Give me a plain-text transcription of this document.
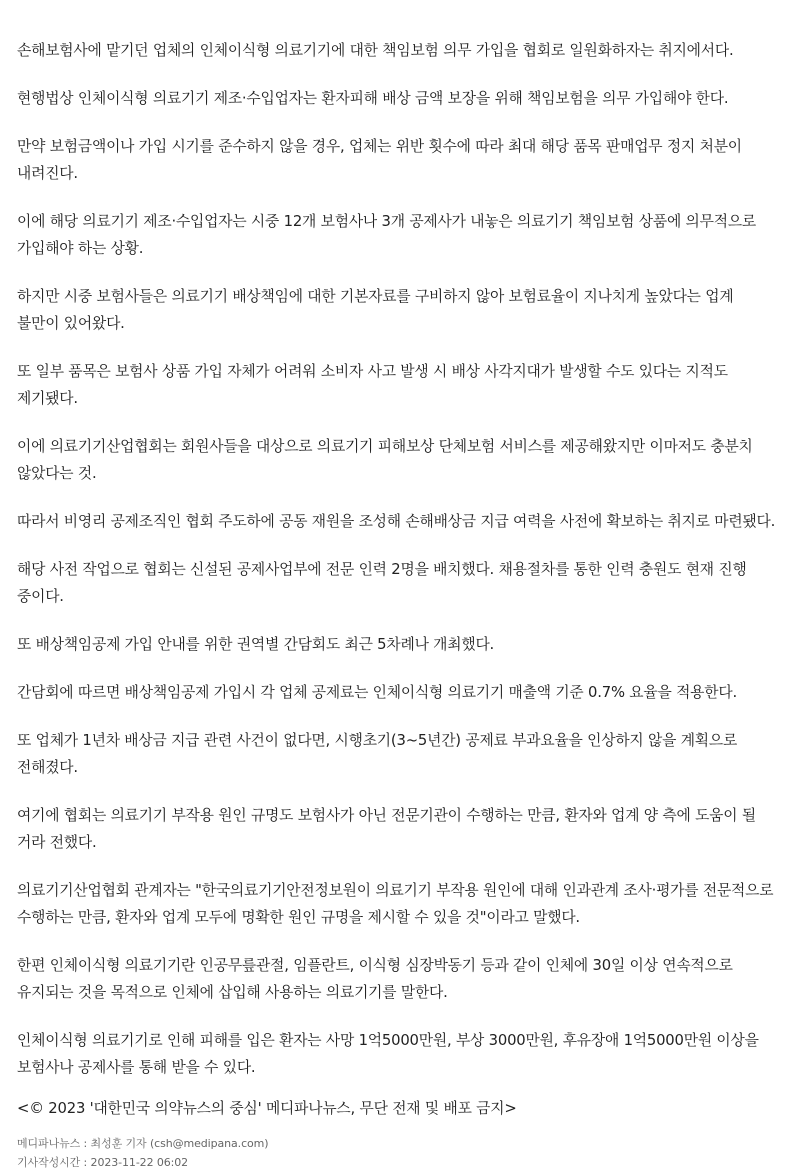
손해보험사에 맡기던 업체의 인체이식형 의료기기에 대한 책임보험 의무 가입을 협회로 일원화하자는 취지에서다.

현행법상 인체이식형 의료기기 제조·수입업자는 환자피해 배상 금액 보장을 위해 책임보험을 의무 가입해야 한다.

만약 보험금액이나 가입 시기를 준수하지 않을 경우, 업체는 위반 횟수에 따라 최대 해당 품목 판매업무 정지 처분이 내려진다.

이에 해당 의료기기 제조·수입업자는 시중 12개 보험사나 3개 공제사가 내놓은 의료기기 책임보험 상품에 의무적으로 가입해야 하는 상황.

하지만 시중 보험사들은 의료기기 배상책임에 대한 기본자료를 구비하지 않아 보험료율이 지나치게 높았다는 업계 불만이 있어왔다.

또 일부 품목은 보험사 상품 가입 자체가 어려워 소비자 사고 발생 시 배상 사각지대가 발생할 수도 있다는 지적도 제기됐다.

이에 의료기기산업협회는 회원사들을 대상으로 의료기기 피해보상 단체보험 서비스를 제공해왔지만 이마저도 충분치 않았다는 것.

따라서 비영리 공제조직인 협회 주도하에 공동 재원을 조성해 손해배상금 지급 여력을 사전에 확보하는 취지로 마련됐다.

해당 사전 작업으로 협회는 신설된 공제사업부에 전문 인력 2명을 배치했다. 채용절차를 통한 인력 충원도 현재 진행 중이다.

또 배상책임공제 가입 안내를 위한 권역별 간담회도 최근 5차례나 개최했다.

간담회에 따르면 배상책임공제 가입시 각 업체 공제료는 인체이식형 의료기기 매출액 기준 0.7% 요율을 적용한다.

또 업체가 1년차 배상금 지급 관련 사건이 없다면, 시행초기(3~5년간) 공제료 부과요율을 인상하지 않을 계획으로 전해졌다.

여기에 협회는 의료기기 부작용 원인 규명도 보험사가 아닌 전문기관이 수행하는 만큼, 환자와 업계 양 측에 도움이 될 거라 전했다.

의료기기산업협회 관계자는 "한국의료기기안전정보원이 의료기기 부작용 원인에 대해 인과관계 조사·평가를 전문적으로 수행하는 만큼, 환자와 업계 모두에 명확한 원인 규명을 제시할 수 있을 것"이라고 말했다.

한편 인체이식형 의료기기란 인공무릎관절, 임플란트, 이식형 심장박동기 등과 같이 인체에 30일 이상 연속적으로 유지되는 것을 목적으로 인체에 삽입해 사용하는 의료기기를 말한다.

인체이식형 의료기기로 인해 피해를 입은 환자는 사망 1억5000만원, 부상 3000만원, 후유장애 1억5000만원 이상을 보험사나 공제사를 통해 받을 수 있다.

<© 2023 '대한민국 의약뉴스의 중심' 메디파나뉴스, 무단 전재 및 배포 금지>
메디파나뉴스 : 최성훈 기자 (csh@medipana.com)
기사작성시간 : 2023-11-22 06:02
